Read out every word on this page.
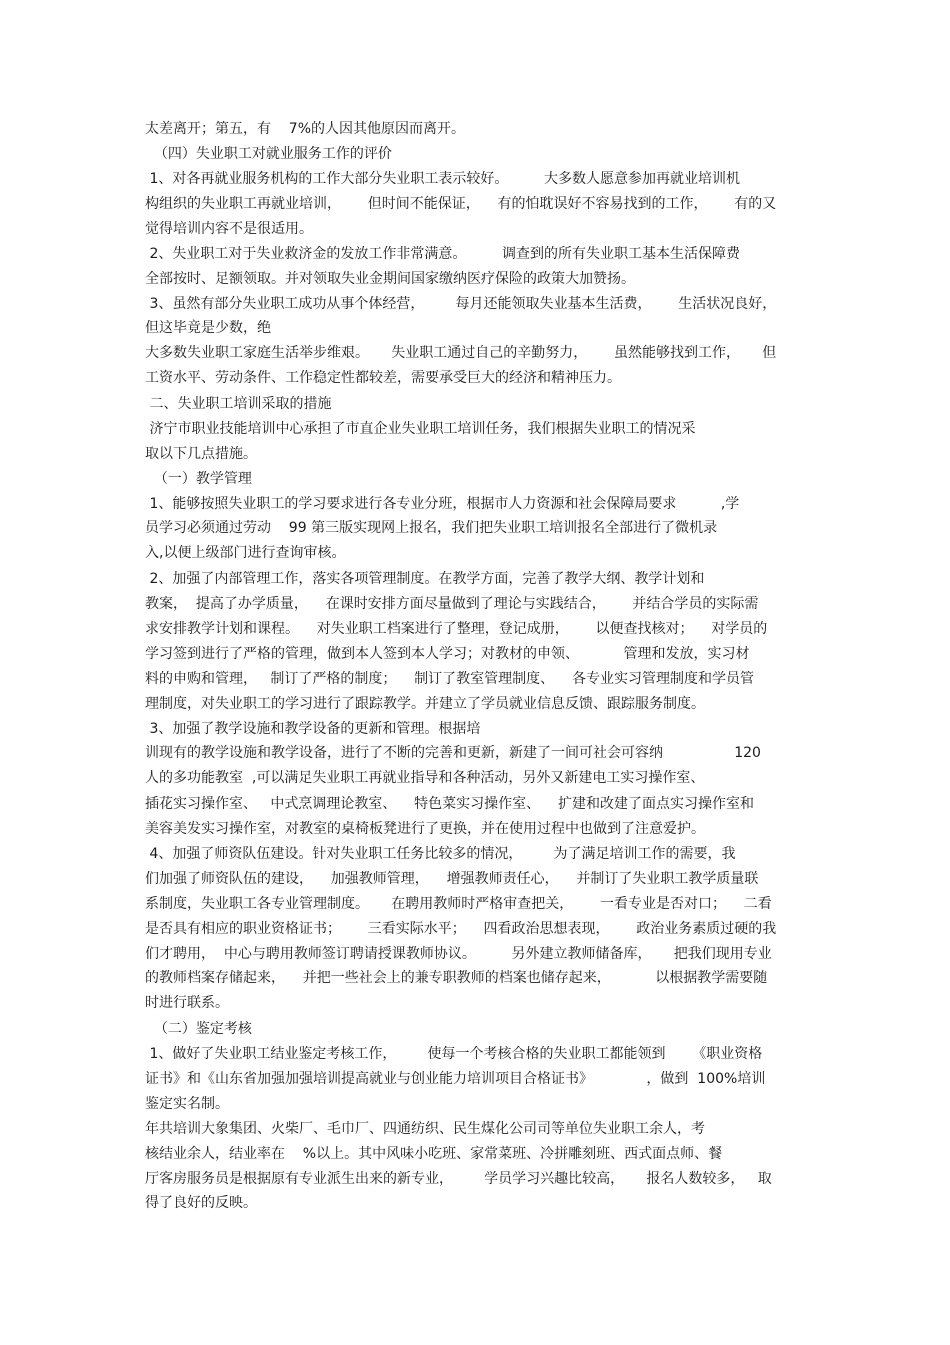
太差离开；第五，有    7%的人因其他原因而离开。
（四）失业职工对就业服务工作的评价
1、对各再就业服务机构的工作大部分失业职工表示较好。        大多数人愿意参加再就业培训机
构组织的失业职工再就业培训，      但时间不能保证，    有的怕耽误好不容易找到的工作，      有的又
觉得培训内容不是很适用。
2、失业职工对于失业救济金的发放工作非常满意。        调查到的所有失业职工基本生活保障费
全部按时、足额领取。并对领取失业金期间国家缴纳医疗保险的政策大加赞扬。
3、虽然有部分失业职工成功从事个体经营，       每月还能领取失业基本生活费，      生活状况良好，
但这毕竟是少数，绝
大多数失业职工家庭生活举步维艰。     失业职工通过自己的辛勤努力，      虽然能够找到工作，     但
工资水平、劳动条件、工作稳定性都较差，需要承受巨大的经济和精神压力。
二、失业职工培训采取的措施
济宁市职业技能培训中心承担了市直企业失业职工培训任务，我们根据失业职工的情况采
取以下几点措施。
（一）教学管理
1、能够按照失业职工的学习要求进行各专业分班，根据市人力资源和社会保障局要求          ,学
员学习必须通过劳动    99 第三版实现网上报名，我们把失业职工培训报名全部进行了微机录
入,以便上级部门进行查询审核。
2、加强了内部管理工作，落实各项管理制度。在教学方面，完善了教学大纲、教学计划和
教案，  提高了办学质量，    在课时安排方面尽量做到了理论与实践结合，      并结合学员的实际需
求安排教学计划和课程。    对失业职工档案进行了整理，登记成册，      以便查找核对；    对学员的
学习签到进行了严格的管理，做到本人签到本人学习；对教材的申领、          管理和发放，实习材
料的申购和管理，   制订了严格的制度；    制订了教室管理制度、    各专业实习管理制度和学员管
理制度，对失业职工的学习进行了跟踪教学。并建立了学员就业信息反馈、跟踪服务制度。
3、加强了教学设施和教学设备的更新和管理。根据培
训现有的教学设施和教学设备，进行了不断的完善和更新，新建了一间可社会可容纳                120
人的多功能教室  ,可以满足失业职工再就业指导和各种活动，另外又新建电工实习操作室、
插花实习操作室、   中式烹调理论教室、    特色菜实习操作室、    扩建和改建了面点实习操作室和
美容美发实习操作室，对教室的桌椅板凳进行了更换，并在使用过程中也做到了注意爱护。
4、加强了师资队伍建设。针对失业职工任务比较多的情况，       为了满足培训工作的需要，我
们加强了师资队伍的建设，    加强教师管理，    增强教师责任心，    并制订了失业职工教学质量联
系制度，失业职工各专业管理制度。     在聘用教师时严格审查把关，      一看专业是否对口；    二看
是否具有相应的职业资格证书；      三看实际水平；    四看政治思想表现，      政治业务素质过硬的我
们才聘用，  中心与聘用教师签订聘请授课教师协议。        另外建立教师储备库，     把我们现用专业
的教师档案存储起来，    并把一些社会上的兼专职教师的档案也储存起来，          以根据教学需要随
时进行联系。
（二）鉴定考核
1、做好了失业职工结业鉴定考核工作，       使每一个考核合格的失业职工都能领到      《职业资格
证书》和《山东省加强加强培训提高就业与创业能力培训项目合格证书》            ，做到  100%培训
鉴定实名制。
年共培训大象集团、火柴厂、毛巾厂、四通纺织、民生煤化公司司等单位失业职工余人，考
核结业余人，结业率在    %以上。其中风味小吃班、家常菜班、冷拼雕刻班、西式面点师、餐
厅客房服务员是根据原有专业派生出来的新专业，       学员学习兴趣比较高，     报名人数较多，   取
得了良好的反映。
